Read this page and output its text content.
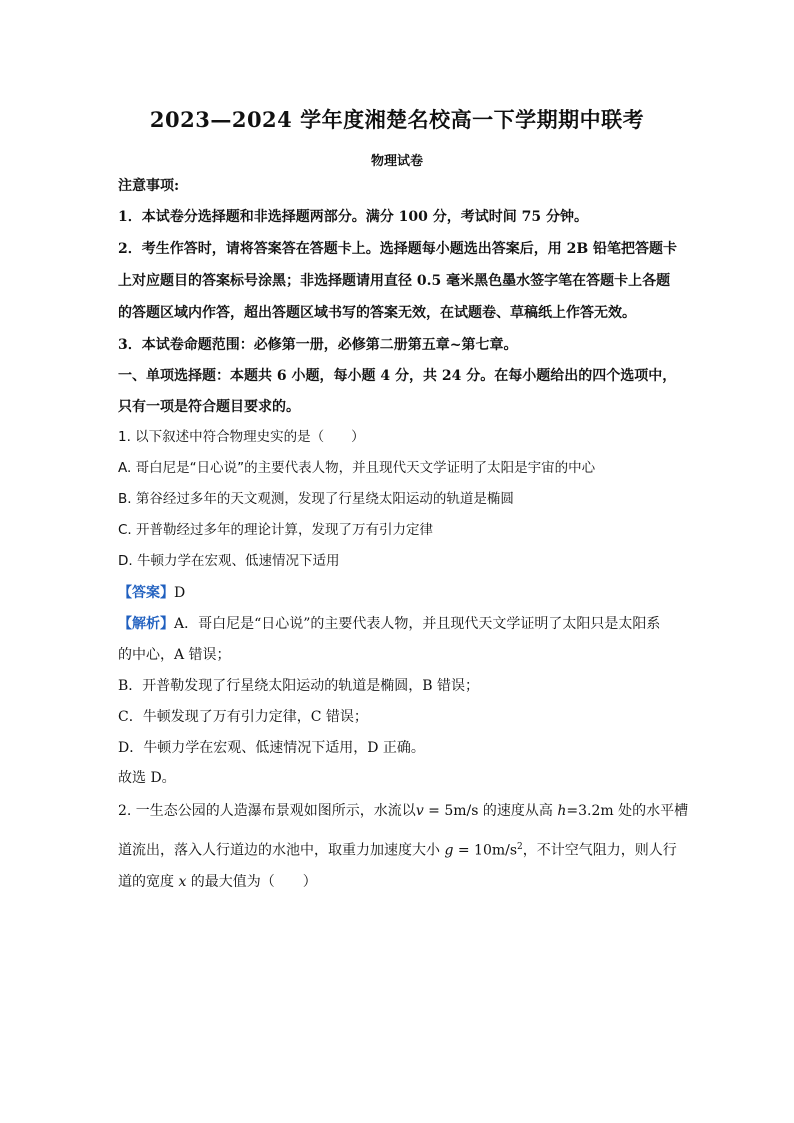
2023—2024 学年度湘楚名校高一下学期期中联考
物理试卷
注意事项:
1．本试卷分选择题和非选择题两部分。满分 100 分，考试时间 75 分钟。
2．考生作答时，请将答案答在答题卡上。选择题每小题选出答案后，用 2B 铅笔把答题卡
上对应题目的答案标号涂黑；非选择题请用直径 0.5 毫米黑色墨水签字笔在答题卡上各题
的答题区域内作答，超出答题区域书写的答案无效，在试题卷、草稿纸上作答无效。
3．本试卷命题范围：必修第一册，必修第二册第五章~第七章。
一、单项选择题：本题共 6 小题，每小题 4 分，共 24 分。在每小题给出的四个选项中，
只有一项是符合题目要求的。
1. 以下叙述中符合物理史实的是（　　）
A. 哥白尼是“日心说”的主要代表人物，并且现代天文学证明了太阳是宇宙的中心
B. 第谷经过多年的天文观测，发现了行星绕太阳运动的轨道是椭圆
C. 开普勒经过多年的理论计算，发现了万有引力定律
D. 牛顿力学在宏观、低速情况下适用
【答案】D
【解析】A．哥白尼是“日心说”的主要代表人物，并且现代天文学证明了太阳只是太阳系
的中心，A 错误；
B．开普勒发现了行星绕太阳运动的轨道是椭圆，B 错误；
C．牛顿发现了万有引力定律，C 错误；
D．牛顿力学在宏观、低速情况下适用，D 正确。
故选 D。
2. 一生态公园的人造瀑布景观如图所示，水流以v = 5m/s 的速度从高 h=3.2m 处的水平槽
道流出，落入人行道边的水池中，取重力加速度大小 $g = 10m/s^2$，不计空气阻力，则人行
道的宽度 x 的最大值为（　　）
